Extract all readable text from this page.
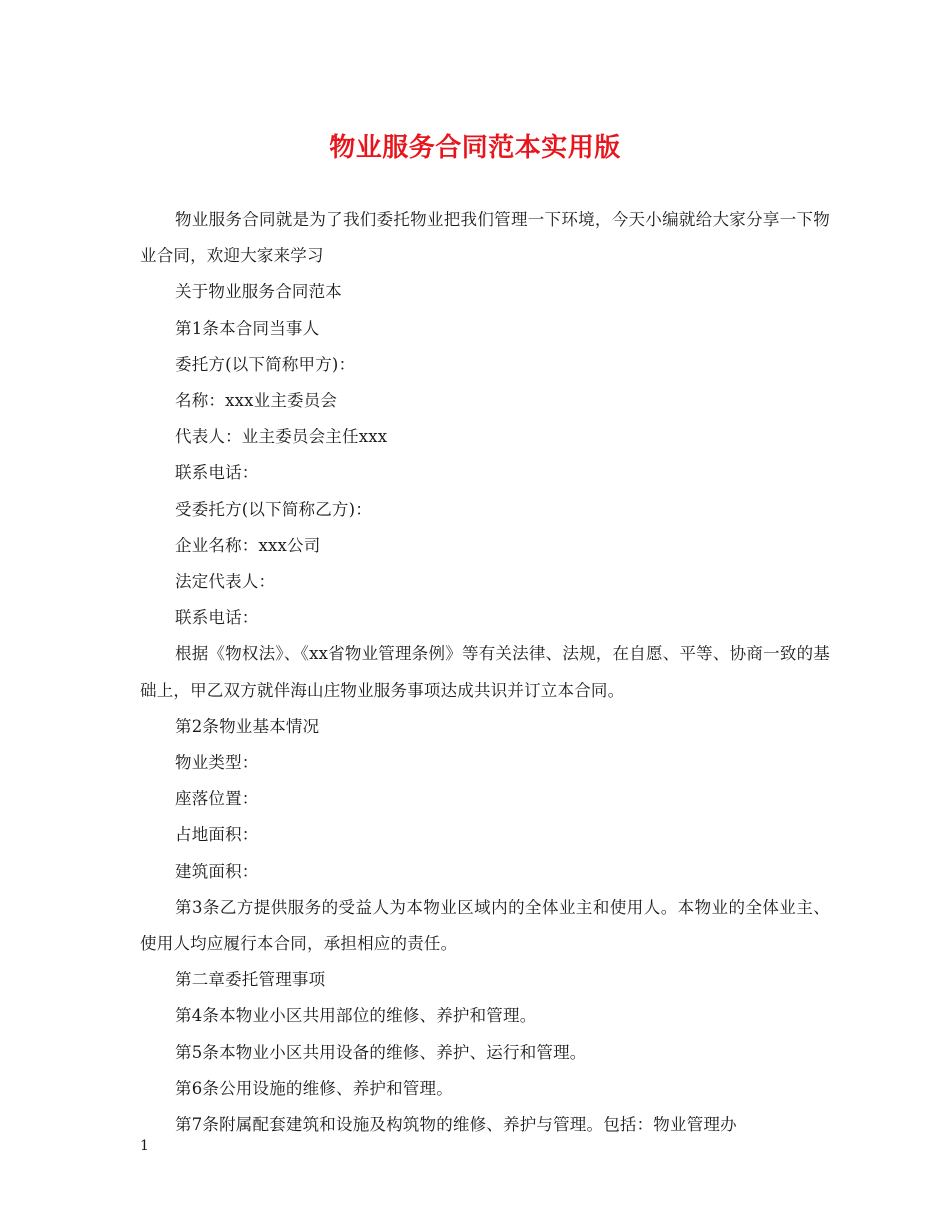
物业服务合同范本实用版

物业服务合同就是为了我们委托物业把我们管理一下环境，今天小编就给大家分享一下物业合同，欢迎大家来学习

关于物业服务合同范本

第1条本合同当事人

委托方(以下简称甲方)：

名称：xxx业主委员会

代表人：业主委员会主任xxx

联系电话：

受委托方(以下简称乙方)：

企业名称：xxx公司

法定代表人：

联系电话：

根据《物权法》、《xx省物业管理条例》等有关法律、法规，在自愿、平等、协商一致的基础上，甲乙双方就伴海山庄物业服务事项达成共识并订立本合同。

第2条物业基本情况

物业类型：

座落位置：

占地面积：

建筑面积：

第3条乙方提供服务的受益人为本物业区域内的全体业主和使用人。本物业的全体业主、使用人均应履行本合同，承担相应的责任。

第二章委托管理事项

第4条本物业小区共用部位的维修、养护和管理。

第5条本物业小区共用设备的维修、养护、运行和管理。

第6条公用设施的维修、养护和管理。

第7条附属配套建筑和设施及构筑物的维修、养护与管理。包括：物业管理办

1
